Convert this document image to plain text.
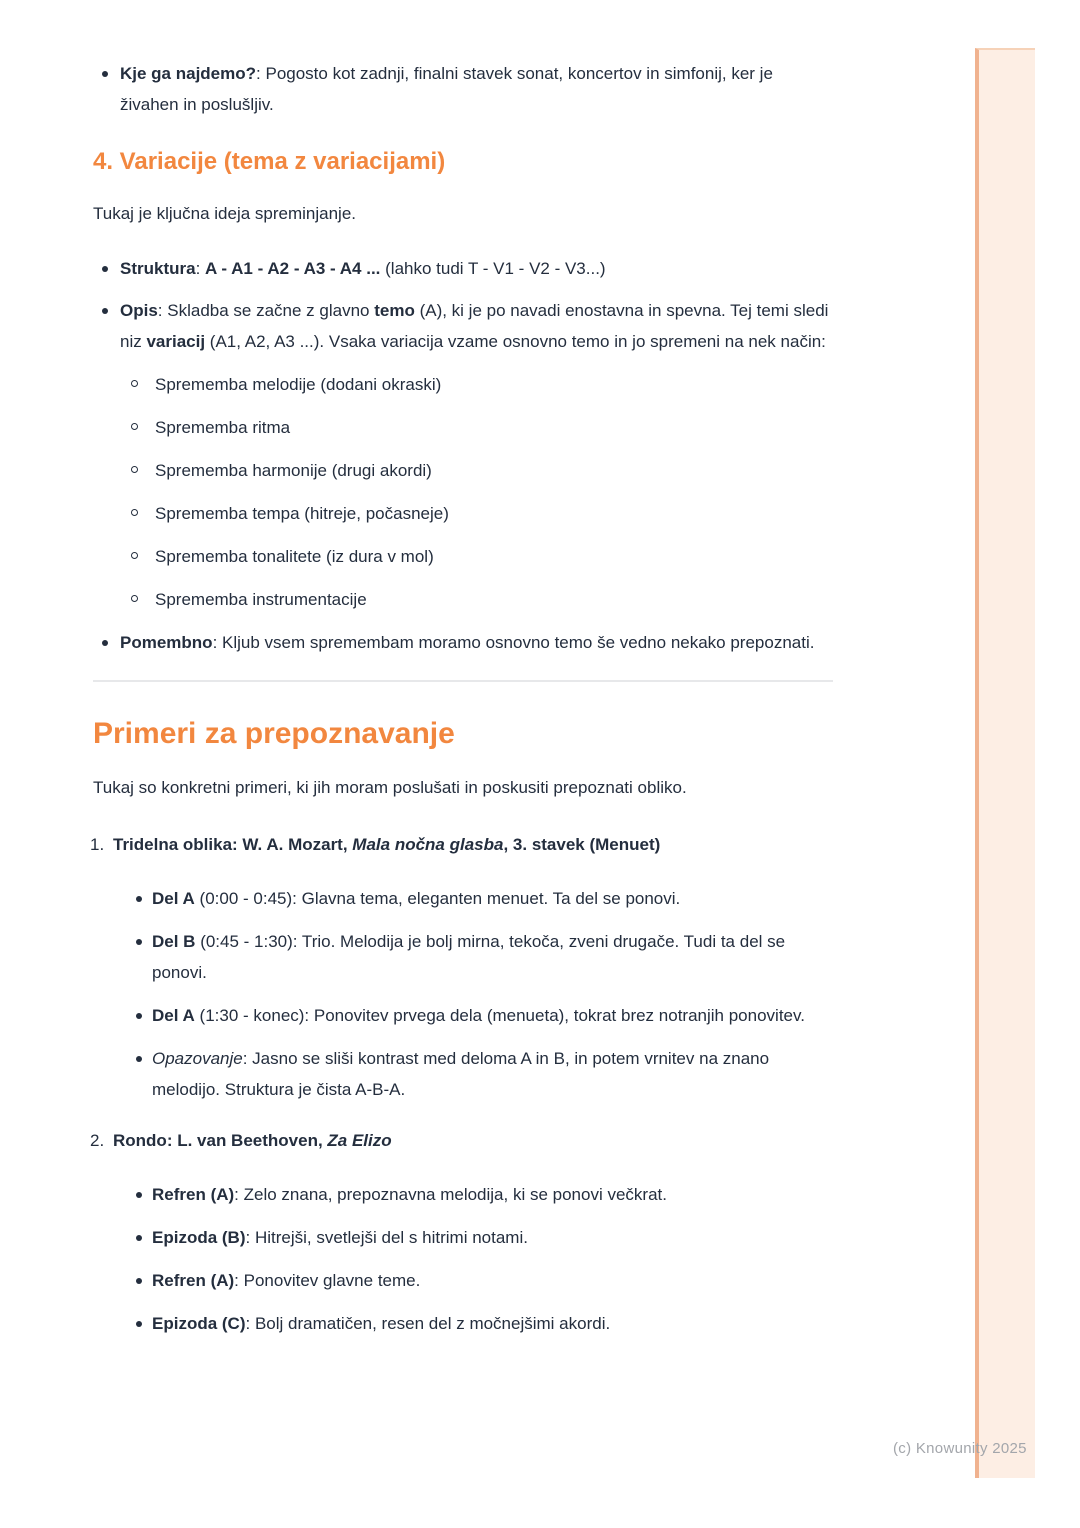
(c) Knowunity 2025
Kje ga najdemo?: Pogosto kot zadnji, finalni stavek sonat, koncertov in simfonij, ker je živahen in poslušljiv.
4. Variacije (tema z variacijami)

Tukaj je ključna ideja spreminjanje.

Struktura: A - A1 - A2 - A3 - A4 ... (lahko tudi T - V1 - V2 - V3...)
Opis: Skladba se začne z glavno temo (A), ki je po navadi enostavna in spevna. Tej temi sledi niz variacij (A1, A2, A3 ...). Vsaka variacija vzame osnovno temo in jo spremeni na nek način:
Sprememba melodije (dodani okraski)
Sprememba ritma
Sprememba harmonije (drugi akordi)
Sprememba tempa (hitreje, počasneje)
Sprememba tonalitete (iz dura v mol)
Sprememba instrumentacije
Pomembno: Kljub vsem spremembam moramo osnovno temo še vedno nekako prepoznati.
Primeri za prepoznavanje

Tukaj so konkretni primeri, ki jih moram poslušati in poskusiti prepoznati obliko.

Tridelna oblika: W. A. Mozart, Mala nočna glasba, 3. stavek (Menuet)
Del A (0:00 - 0:45): Glavna tema, eleganten menuet. Ta del se ponovi.
Del B (0:45 - 1:30): Trio. Melodija je bolj mirna, tekoča, zveni drugače. Tudi ta del se ponovi.
Del A (1:30 - konec): Ponovitev prvega dela (menueta), tokrat brez notranjih ponovitev.
Opazovanje: Jasno se sliši kontrast med deloma A in B, in potem vrnitev na znano melodijo. Struktura je čista A-B-A.
Rondo: L. van Beethoven, Za Elizo
Refren (A): Zelo znana, prepoznavna melodija, ki se ponovi večkrat.
Epizoda (B): Hitrejši, svetlejši del s hitrimi notami.
Refren (A): Ponovitev glavne teme.
Epizoda (C): Bolj dramatičen, resen del z močnejšimi akordi.
